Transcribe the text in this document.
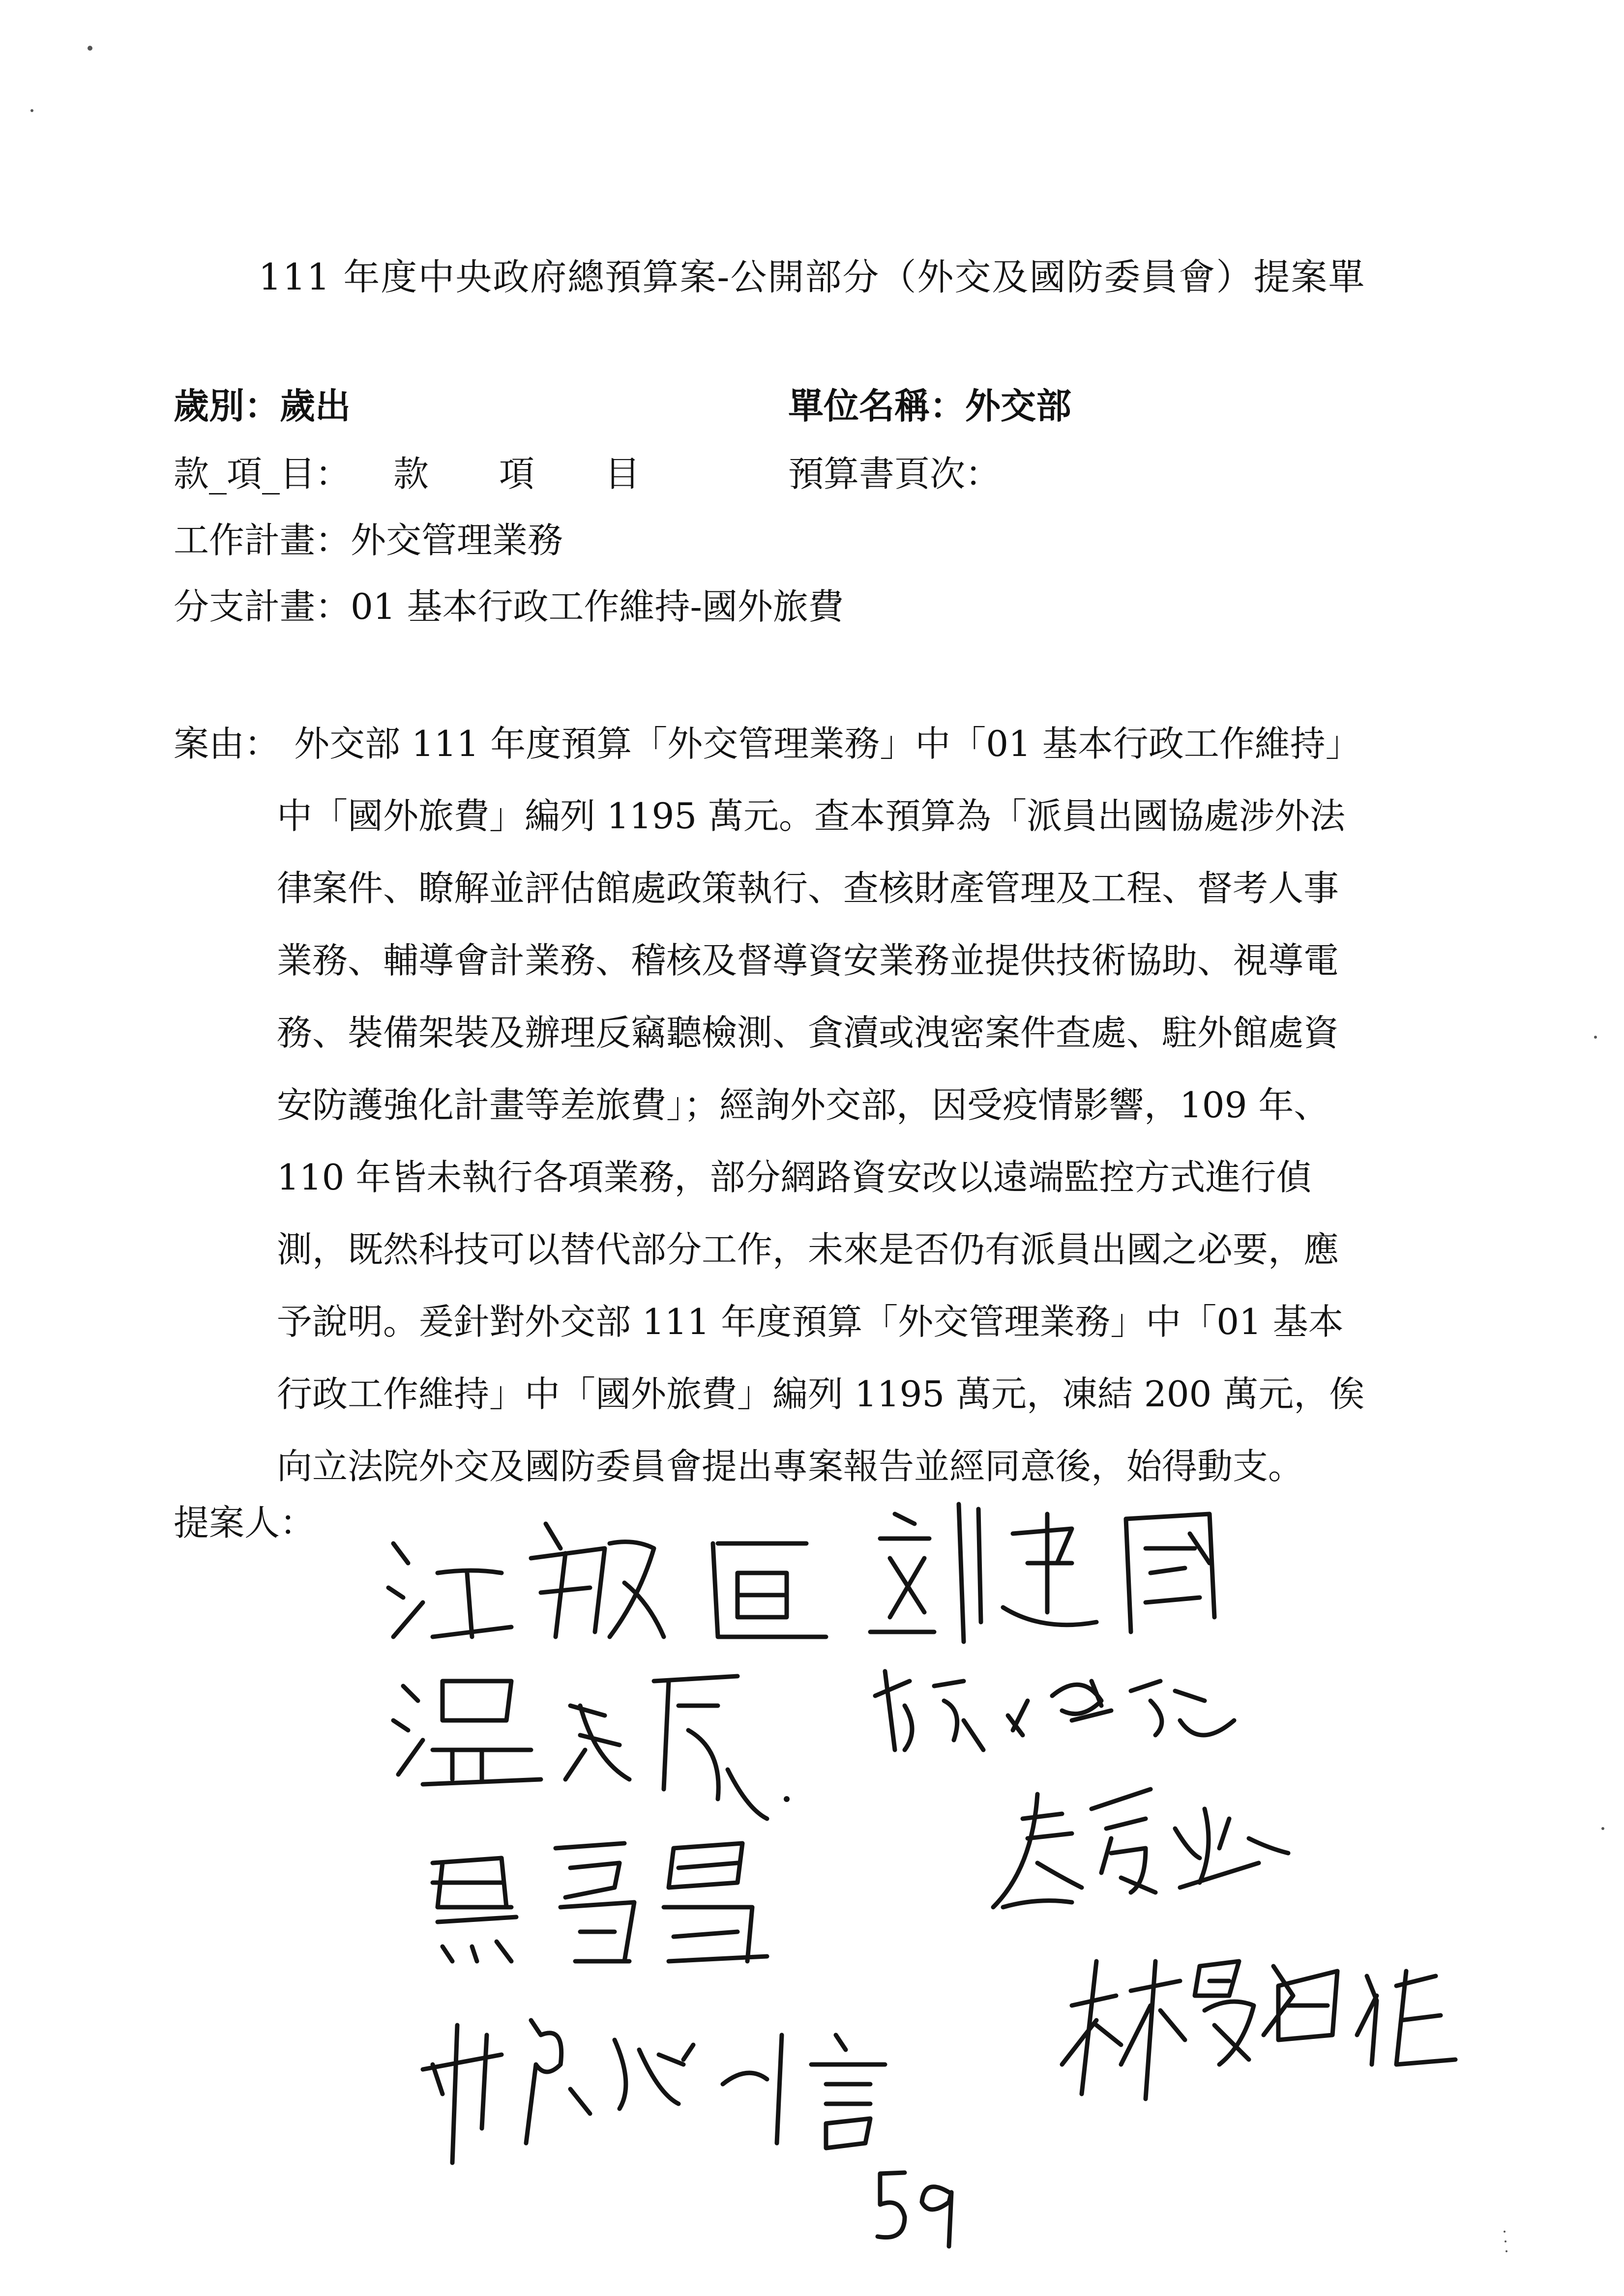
111 年度中央政府總預算案-公開部分（外交及國防委員會）提案單
歲別：歲出	單位名稱：外交部
款_項_目： 款 項 目	預算書頁次：
工作計畫：外交管理業務
分支計畫：01 基本行政工作維持-國外旅費
案由： 外交部 111 年度預算「外交管理業務」中「01 基本行政工作維持」
中「國外旅費」編列 1195 萬元。查本預算為「派員出國協處涉外法
律案件、瞭解並評估館處政策執行、查核財產管理及工程、督考人事
業務、輔導會計業務、稽核及督導資安業務並提供技術協助、視導電
務、裝備架裝及辦理反竊聽檢測、貪瀆或洩密案件查處、駐外館處資
安防護強化計畫等差旅費」；經詢外交部，因受疫情影響，109 年、
110 年皆未執行各項業務，部分網路資安改以遠端監控方式進行偵
測，既然科技可以替代部分工作，未來是否仍有派員出國之必要，應
予說明。爰針對外交部 111 年度預算「外交管理業務」中「01 基本
行政工作維持」中「國外旅費」編列 1195 萬元，凍結 200 萬元，俟
向立法院外交及國防委員會提出專案報告並經同意後，始得動支。
提案人：
